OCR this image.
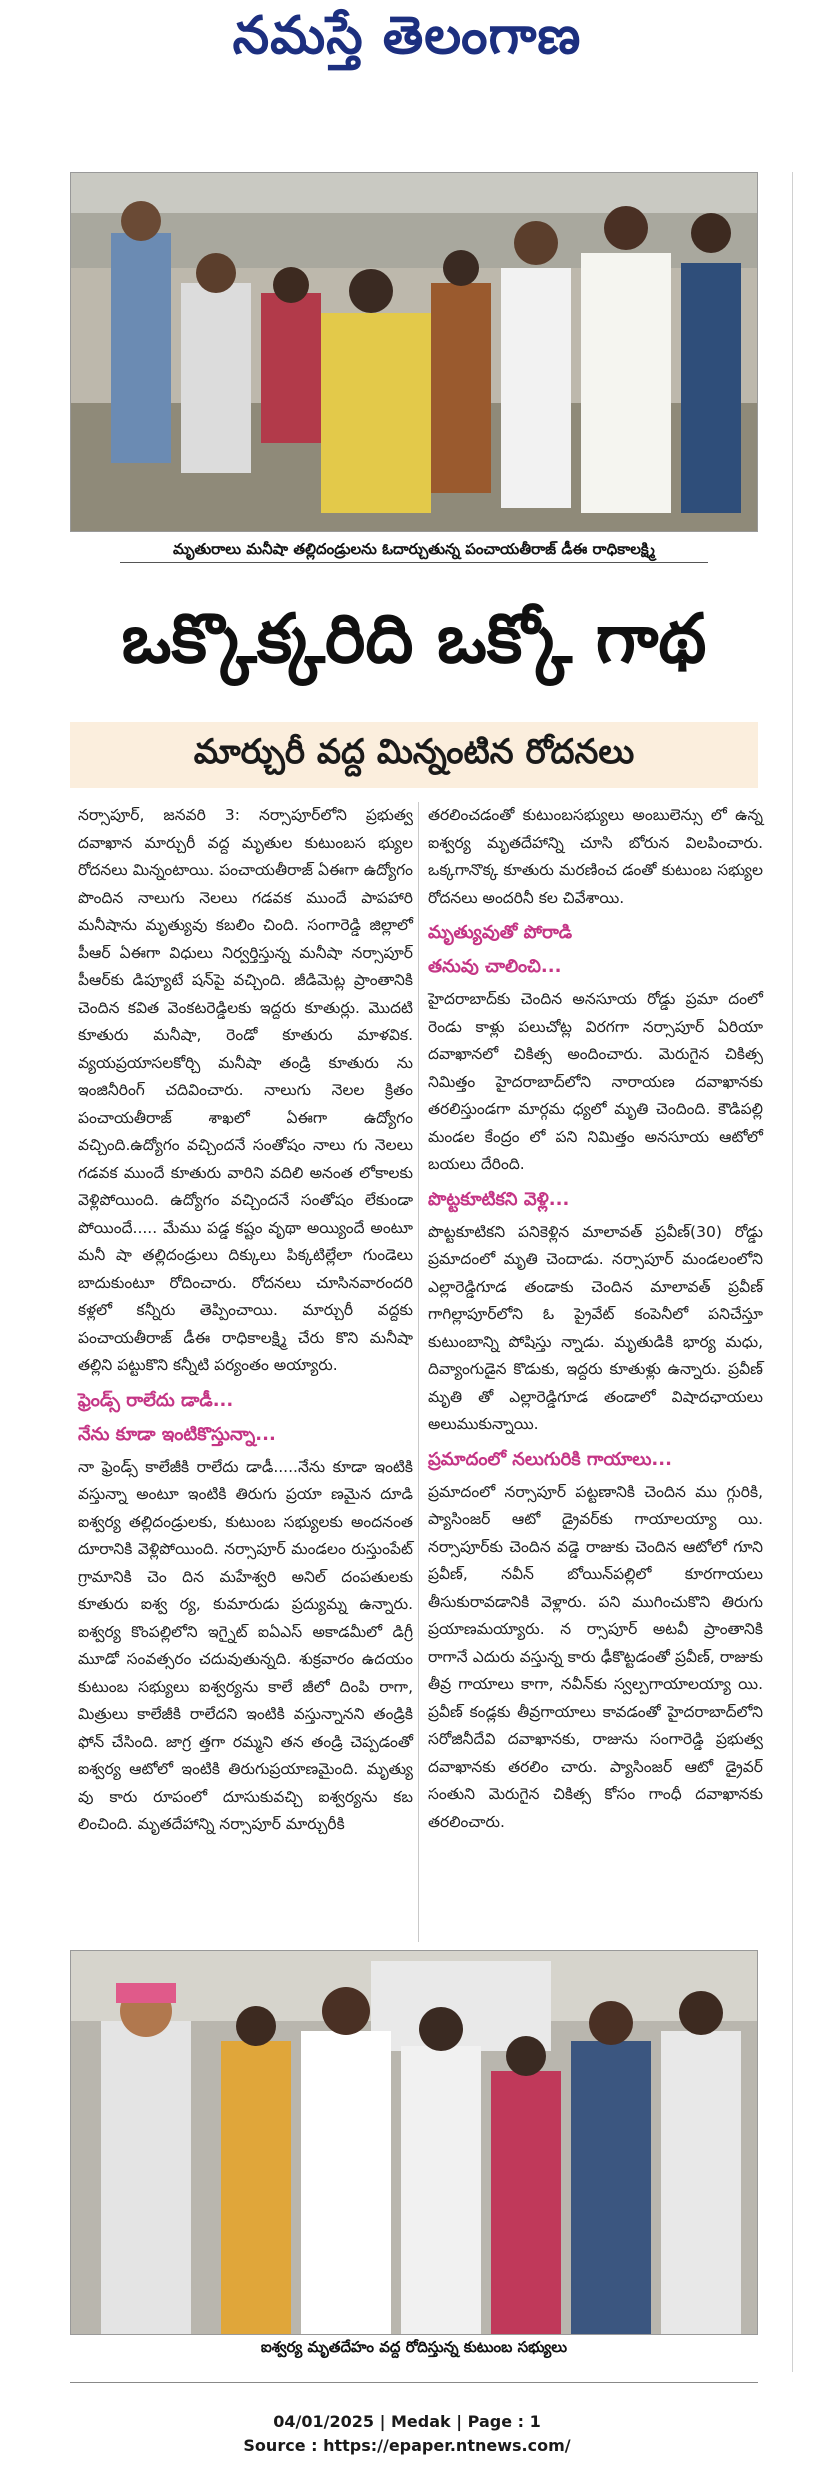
నమస్తే తెలంగాణ
మృతురాలు మనీషా తల్లిదండ్రులను ఓదార్చుతున్న పంచాయతీరాజ్ డీఈ రాధికాలక్ష్మి
ఒక్కొక్కరిది ఒక్కో గాథ
మార్చురీ వద్ద మిన్నంటిన రోదనలు

నర్సాపూర్, జనవరి 3: నర్సాపూర్‌లోని ప్రభుత్వ దవాఖాన మార్చురీ వద్ద మృతుల కుటుంబస భ్యుల రోదనలు మిన్నంటాయి. పంచాయతీరాజ్ ఏఈగా ఉద్యోగం పొందిన నాలుగు నెలలు గడవక ముందే పాపహారి మనీషాను మృత్యువు కబలిం చింది. సంగారెడ్డి జిల్లాలో పీఆర్ ఏఈగా విధులు నిర్వర్తిస్తున్న మనీషా నర్సాపూర్ పీఆర్‌కు డిప్యూటే షన్‌పై వచ్చింది. జీడిమెట్ల ప్రాంతానికి చెందిన కవిత వెంకటరెడ్డిలకు ఇద్దరు కూతుర్లు. మొదటి కూతురు మనీషా, రెండో కూతురు మాళవిక. వ్యయప్రయాసలకోర్చి మనీషా తండ్రి కూతురు ను ఇంజినీరింగ్ చదివించారు. నాలుగు నెలల క్రితం పంచాయతీరాజ్ శాఖలో ఏఈగా ఉద్యోగం వచ్చింది.ఉద్యోగం వచ్చిందనే సంతోషం నాలు గు నెలలు గడవక ముందే కూతురు వారిని వదిలి అనంత లోకాలకు వెళ్లిపోయింది. ఉద్యోగం వచ్చిందనే సంతోషం లేకుండా పోయిందే..... మేము పడ్డ కష్టం వృథా అయ్యిందే అంటూ మనీ షా తల్లిదండ్రులు దిక్కులు పిక్కటిల్లేలా గుండెలు బాదుకుంటూ రోదించారు. రోదనలు చూసినవారందరి కళ్లలో కన్నీరు తెప్పించాయి. మార్చురీ వద్దకు పంచాయతీరాజ్ డీఈ రాధికాలక్ష్మి చేరు కొని మనీషా తల్లిని పట్టుకొని కన్నీటి పర్యంతం అయ్యారు.

ఫ్రెండ్స్ రాలేదు డాడీ...
నేను కూడా ఇంటికొస్తున్నా...

నా ఫ్రెండ్స్ కాలేజీకి రాలేదు డాడీ.....నేను కూడా ఇంటికి వస్తున్నా అంటూ ఇంటికి తిరుగు ప్రయా ణమైన దూడి ఐశ్వర్య తల్లిదండ్రులకు, కుటుంబ సభ్యులకు అందనంత దూరానికి వెళ్లిపోయింది. నర్సాపూర్ మండలం రుస్తుంపేట్ గ్రామానికి చెం దిన మహేశ్వరి అనిల్ దంపతులకు కూతురు ఐశ్వ ర్య, కుమారుడు ప్రద్యుమ్న ఉన్నారు. ఐశ్వర్య కొంపల్లిలోని ఇగ్నైట్ ఐఏఎస్ అకాడమీలో డిగ్రీ మూడో సంవత్సరం చదువుతున్నది. శుక్రవారం ఉదయం కుటుంబ సభ్యులు ఐశ్వర్యను కాలే జీలో దింపి రాగా, మిత్రులు కాలేజీకి రాలేదని ఇంటికి వస్తున్నానని తండ్రికి ఫోన్ చేసింది. జాగ్ర త్తగా రమ్మని తన తండ్రి చెప్పడంతో ఐశ్వర్య ఆటోలో ఇంటికి తిరుగుప్రయాణమైంది. మృత్యు వు కారు రూపంలో దూసుకువచ్చి ఐశ్వర్యను కబ లించింది. మృతదేహాన్ని నర్సాపూర్ మార్చురీకి

తరలించడంతో కుటుంబసభ్యులు అంబులెన్సు లో ఉన్న ఐశ్వర్య మృతదేహాన్ని చూసి బోరున విలపించారు. ఒక్కగానొక్క కూతురు మరణించ డంతో కుటుంబ సభ్యుల రోదనలు అందరినీ కల చివేశాయి.

మృత్యువుతో పోరాడి
తనువు చాలించి...

హైదరాబాద్‌కు చెందిన అనసూయ రోడ్డు ప్రమా దంలో రెండు కాళ్లు పలుచోట్ల విరగగా నర్సాపూర్ ఏరియా దవాఖానలో చికిత్స అందించారు. మెరుగైన చికిత్స నిమిత్తం హైదరాబాద్‌లోని నారాయణ దవాఖానకు తరలిస్తుండగా మార్గమ ధ్యలో మృతి చెందింది. కౌడిపల్లి మండల కేంద్రం లో పని నిమిత్తం అనసూయ ఆటోలో బయలు దేరింది.

పొట్టకూటికని వెళ్లి...

పొట్టకూటికని పనికెళ్లిన మాలావత్ ప్రవీణ్(30) రోడ్డు ప్రమాదంలో మృతి చెందాడు. నర్సాపూర్ మండలంలోని ఎల్లారెడ్డిగూడ తండాకు చెందిన మాలావత్ ప్రవీణ్ గాగిల్లాపూర్‌లోని ఓ ప్రైవేట్ కంపెనీలో పనిచేస్తూ కుటుంబాన్ని పోషిస్తు న్నాడు. మృతుడికి భార్య మధు, దివ్యాంగుడైన కొడుకు, ఇద్దరు కూతుళ్లు ఉన్నారు. ప్రవీణ్ మృతి తో ఎల్లారెడ్డిగూడ తండాలో విషాదఛాయలు అలుముకున్నాయి.

ప్రమాదంలో నలుగురికి గాయాలు...

ప్రమాదంలో నర్సాపూర్ పట్టణానికి చెందిన ము గ్గురికి, ప్యాసింజర్ ఆటో డ్రైవర్‌కు గాయాలయ్యా యి. నర్సాపూర్‌కు చెందిన వడ్డె రాజుకు చెందిన ఆటోలో గూని ప్రవీణ్, నవీన్ బోయిన్‌పల్లిలో కూరగాయలు తీసుకురావడానికి వెళ్లారు. పని ముగించుకొని తిరుగు ప్రయాణమయ్యారు. న ర్సాపూర్ అటవీ ప్రాంతానికి రాగానే ఎదురు వస్తున్న కారు ఢీకొట్టడంతో ప్రవీణ్, రాజుకు తీవ్ర గాయాలు కాగా, నవీన్‌కు స్వల్పగాయాలయ్యా యి. ప్రవీణ్ కండ్లకు తీవ్రగాయాలు కావడంతో హైదరాబాద్‌లోని సరోజినీదేవి దవాఖానకు, రాజును సంగారెడ్డి ప్రభుత్వ దవాఖానకు తరలిం చారు. ప్యాసింజర్ ఆటో డ్రైవర్ సంతుని మెరుగైన చికిత్స కోసం గాంధీ దవాఖానకు తరలించారు.

ఐశ్వర్య మృతదేహం వద్ద రోదిస్తున్న కుటుంబ సభ్యులు
04/01/2025 | Medak | Page : 1
Source : https://epaper.ntnews.com/
